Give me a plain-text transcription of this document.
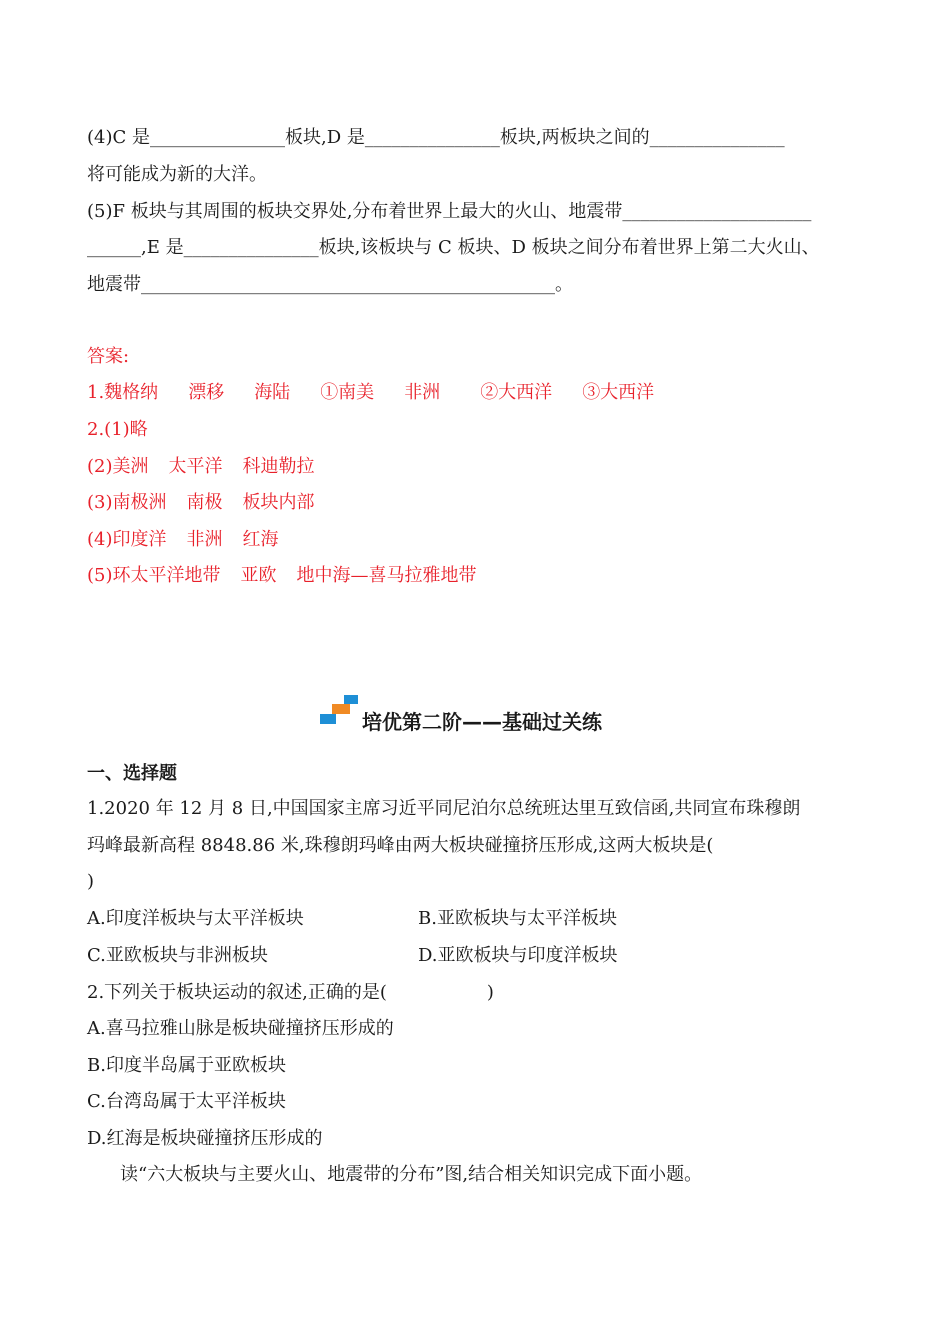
(4)C 是_______________板块,D 是_______________板块,两板块之间的_______________
将可能成为新的大洋。
(5)F 板块与其周围的板块交界处,分布着世界上最大的火山、地震带_____________________
______,E 是_______________板块,该板块与 C 板块、D 板块之间分布着世界上第二大火山、
地震带______________________________________________。
答案:
1.魏格纳 漂移 海陆 ①南美 非洲 ②大西洋 ③大西洋
2.(1)略
(2)美洲 太平洋 科迪勒拉
(3)南极洲 南极 板块内部
(4)印度洋 非洲 红海
(5)环太平洋地带 亚欧 地中海—喜马拉雅地带
培优第二阶——基础过关练
一、选择题
1.2020 年 12 月 8 日,中国国家主席习近平同尼泊尔总统班达里互致信函,共同宣布珠穆朗
玛峰最新高程 8848.86 米,珠穆朗玛峰由两大板块碰撞挤压形成,这两大板块是(
)
A.印度洋板块与太平洋板块	B.亚欧板块与太平洋板块
C.亚欧板块与非洲板块	D.亚欧板块与印度洋板块
2.下列关于板块运动的叙述,正确的是(	)
A.喜马拉雅山脉是板块碰撞挤压形成的
B.印度半岛属于亚欧板块
C.台湾岛属于太平洋板块
D.红海是板块碰撞挤压形成的
读“六大板块与主要火山、地震带的分布”图,结合相关知识完成下面小题。
